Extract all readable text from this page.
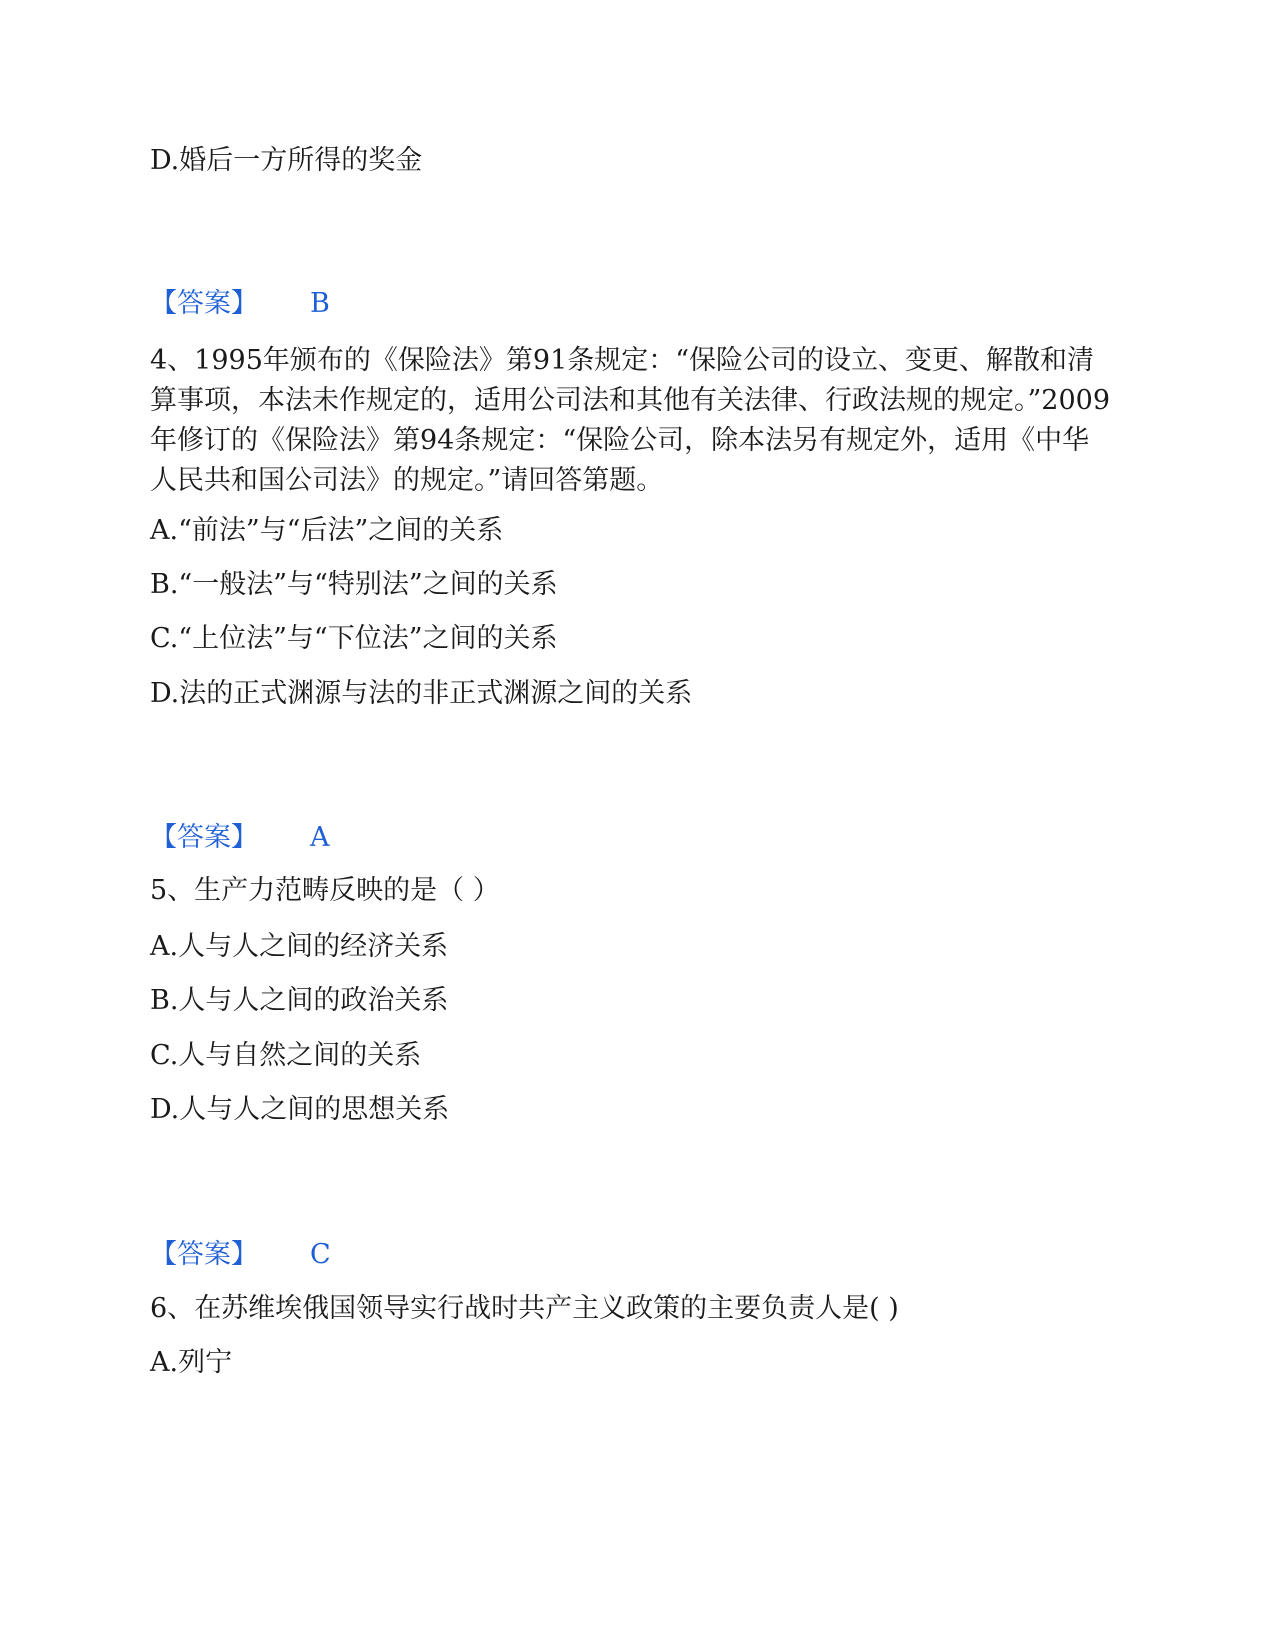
D.婚后一方所得的奖金
【答案】 B
4、1995年颁布的《保险法》第91条规定：“保险公司的设立、变更、解散和清算事项，本法未作规定的，适用公司法和其他有关法律、行政法规的规定。”2009年修订的《保险法》第94条规定：“保险公司，除本法另有规定外，适用《中华人民共和国公司法》的规定。”请回答第题。
A.“前法”与“后法”之间的关系
B.“一般法”与“特别法”之间的关系
C.“上位法”与“下位法”之间的关系
D.法的正式渊源与法的非正式渊源之间的关系
【答案】 A
5、生产力范畴反映的是（ ）
A.人与人之间的经济关系
B.人与人之间的政治关系
C.人与自然之间的关系
D.人与人之间的思想关系
【答案】 C
6、在苏维埃俄国领导实行战时共产主义政策的主要负责人是( )
A.列宁
